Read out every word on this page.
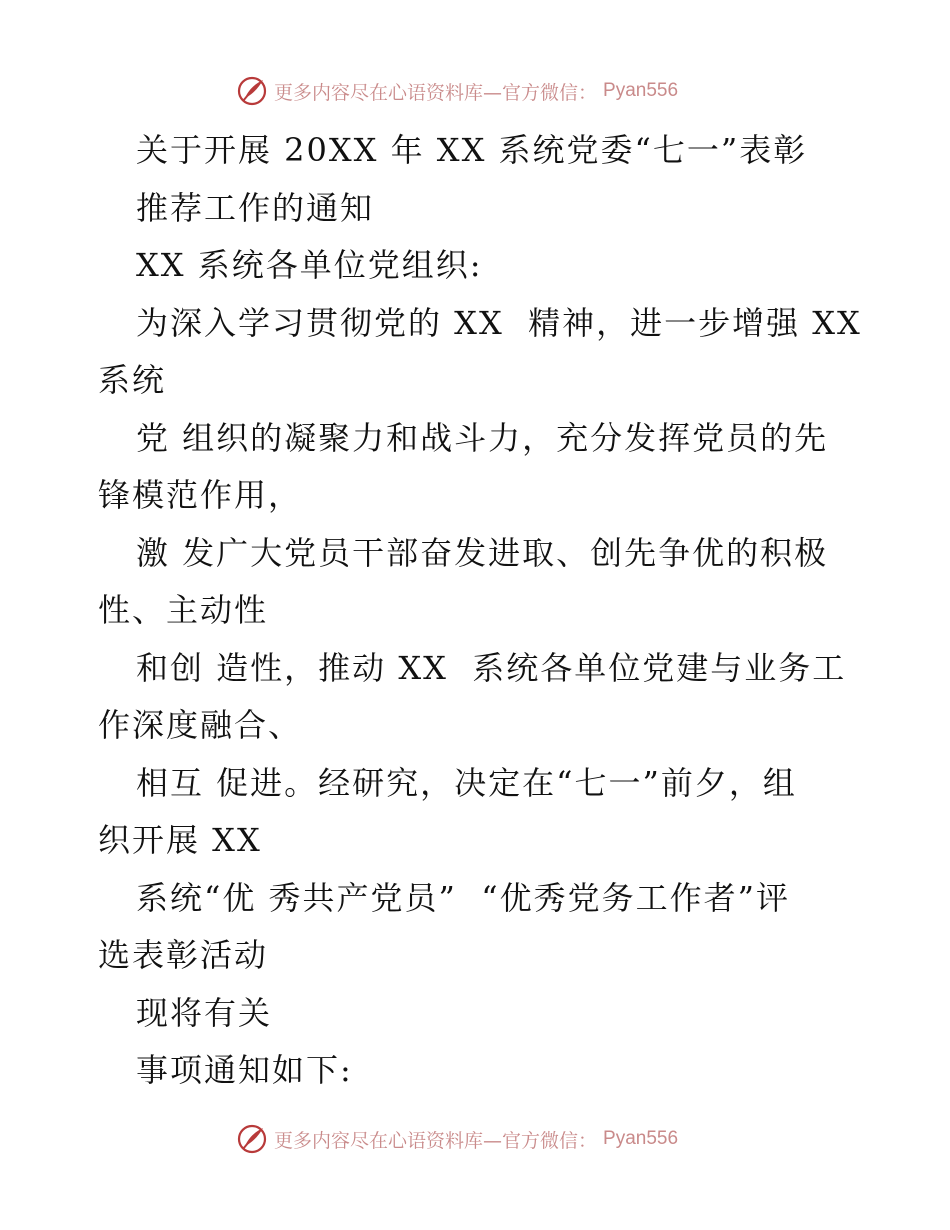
更多内容尽在心语资料库—官方微信： Pyan556
关于开展 20XX 年 XX 系统党委“七一”表彰
推荐工作的通知
XX 系统各单位党组织:
为深入学习贯彻党的 XX  精神，进一步增强 XX
系统
党 组织的凝聚力和战斗力，充分发挥党员的先
锋模范作用，
激 发广大党员干部奋发进取、创先争优的积极
性、主动性
和创 造性，推动 XX  系统各单位党建与业务工
作深度融合、
相互 促进。经研究，决定在“七一”前夕，组
织开展 XX
系统“优 秀共产党员”  “优秀党务工作者”评
选表彰活动
现将有关
事项通知如下:
更多内容尽在心语资料库—官方微信： Pyan556
